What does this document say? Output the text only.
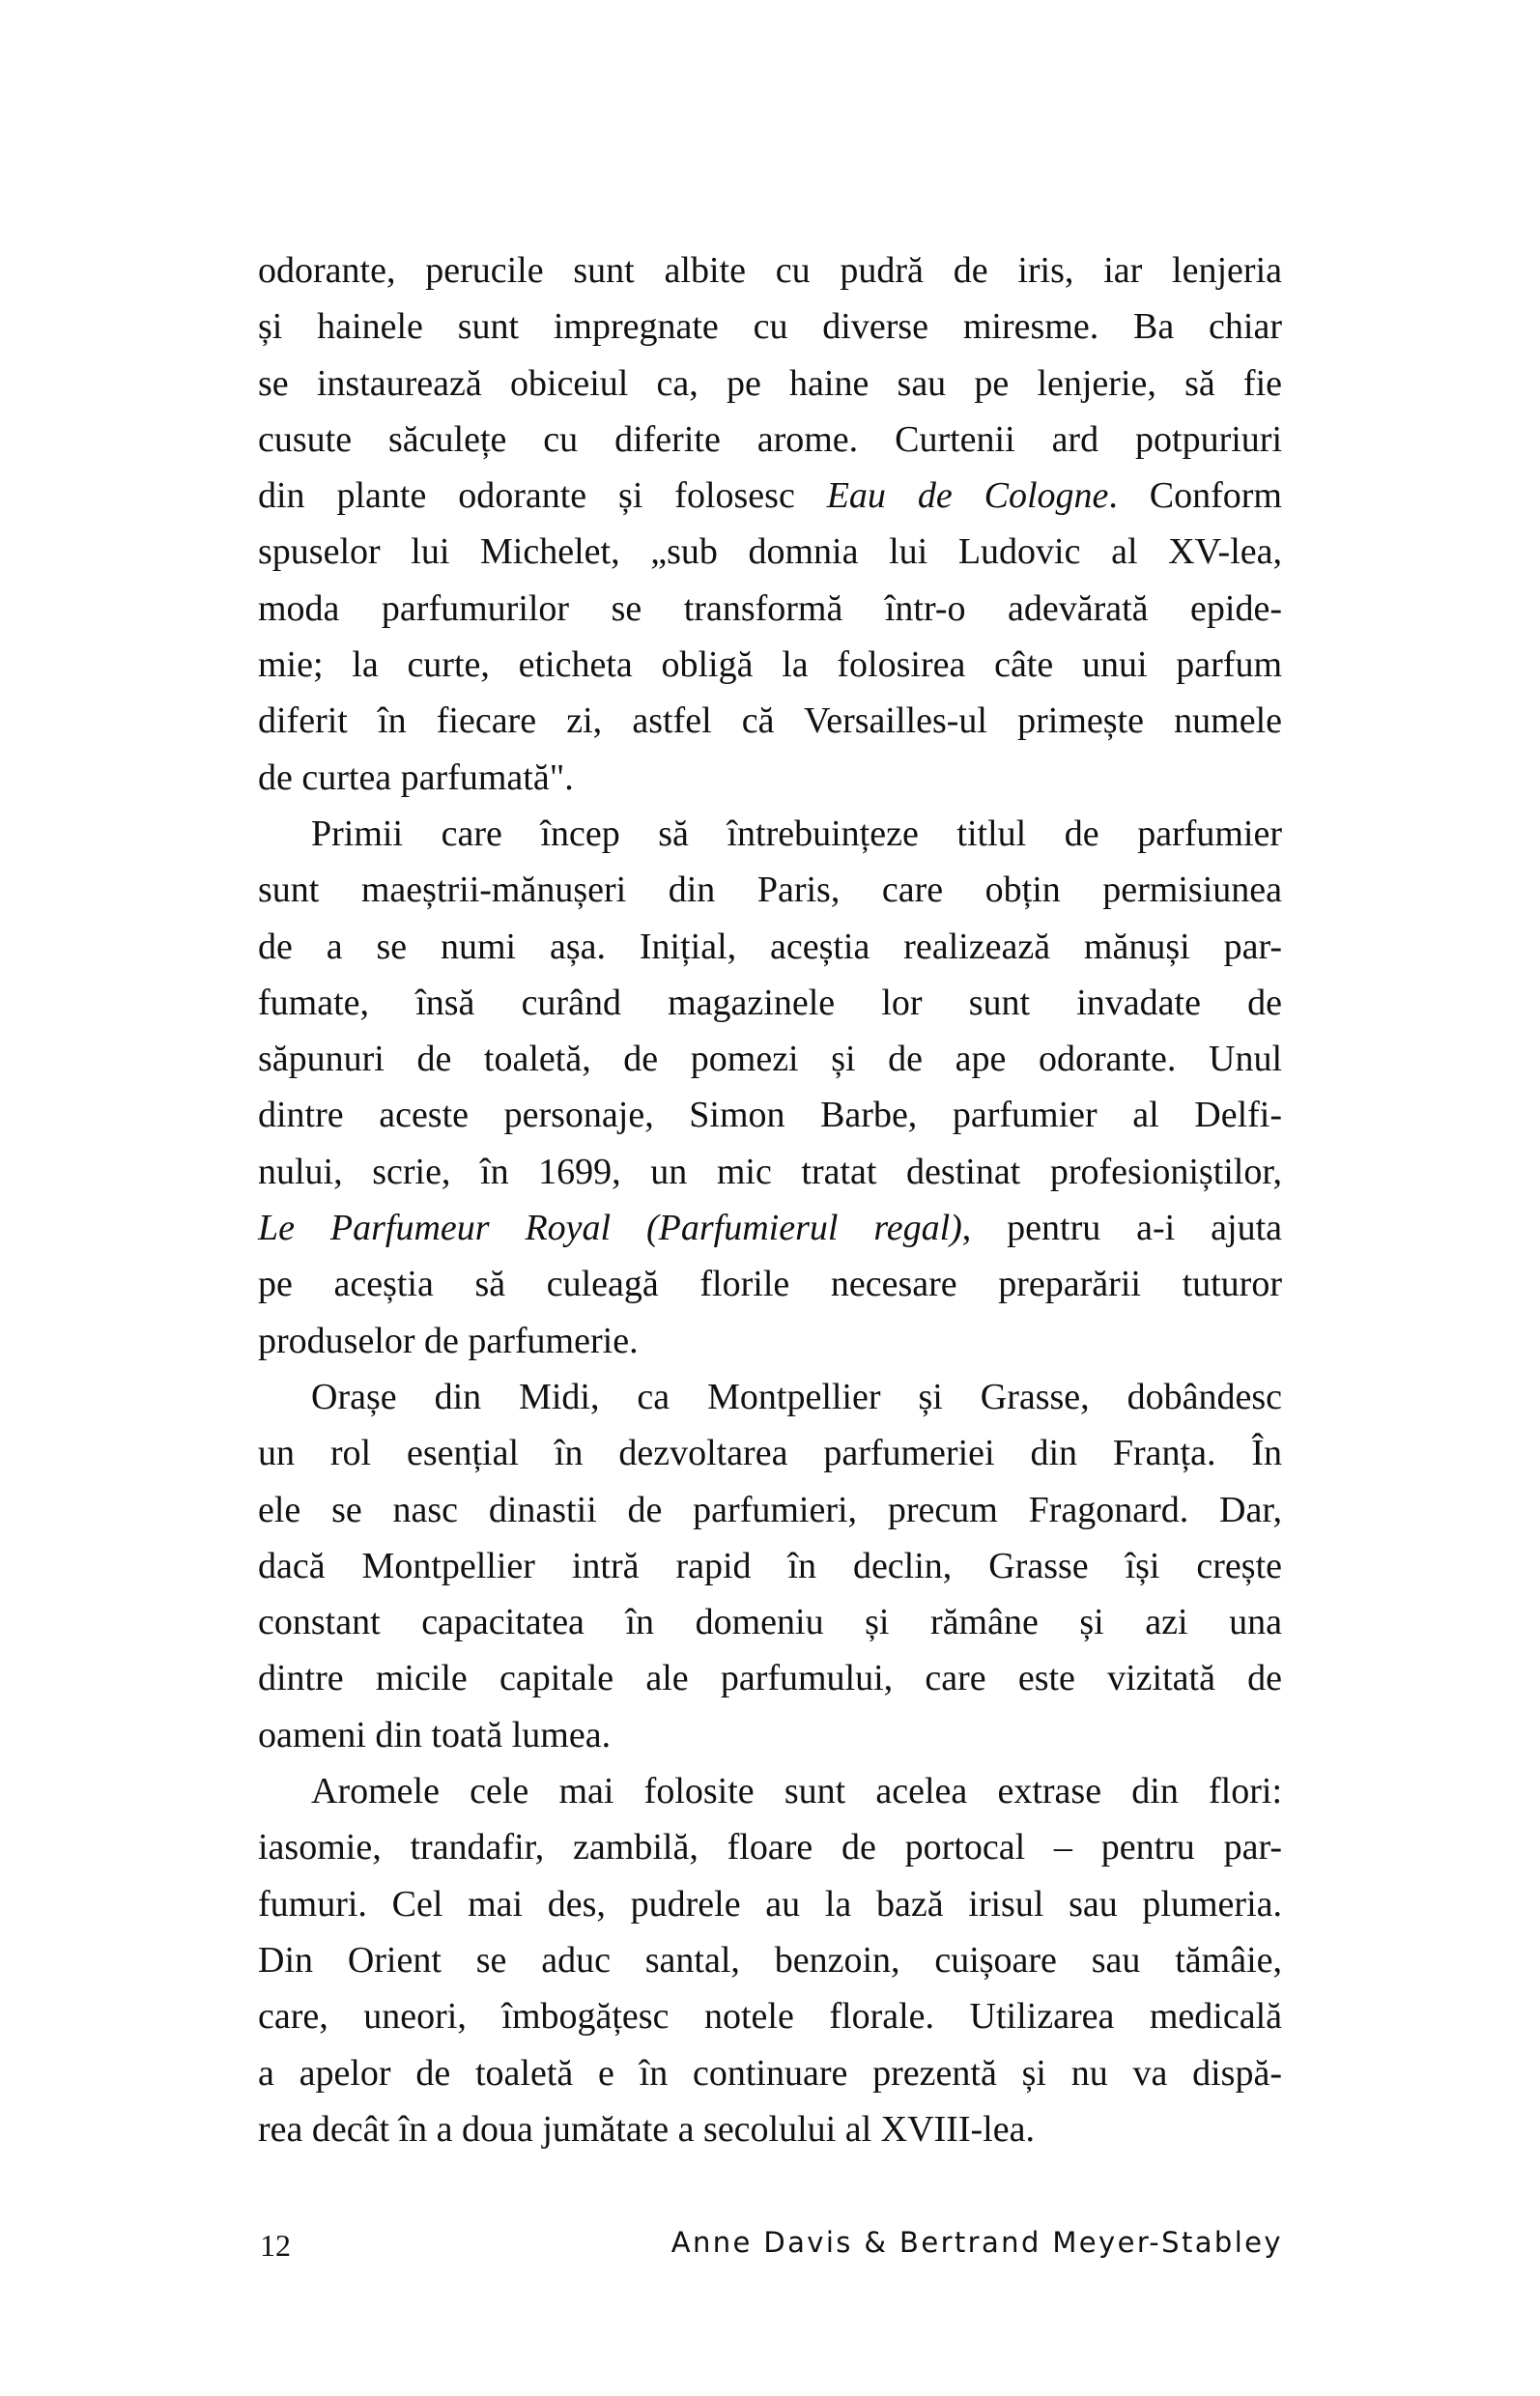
odorante, perucile sunt albite cu pudră de iris, iar lenjeria
și hainele sunt impregnate cu diverse miresme. Ba chiar
se instaurează obiceiul ca, pe haine sau pe lenjerie, să fie
cusute săculețe cu diferite arome. Curtenii ard potpuriuri
din plante odorante și folosesc Eau de Cologne. Conform
spuselor lui Michelet, „sub domnia lui Ludovic al XV-lea,
moda parfumurilor se transformă într-o adevărată epide-
mie; la curte, eticheta obligă la folosirea câte unui parfum
diferit în fiecare zi, astfel că Versailles-ul primește numele
de curtea parfumată".
Primii care încep să întrebuințeze titlul de parfumier
sunt maeștrii-mănușeri din Paris, care obțin permisiunea
de a se numi așa. Inițial, aceștia realizează mănuși par-
fumate, însă curând magazinele lor sunt invadate de
săpunuri de toaletă, de pomezi și de ape odorante. Unul
dintre aceste personaje, Simon Barbe, parfumier al Delfi-
nului, scrie, în 1699, un mic tratat destinat profesioniștilor,
Le Parfumeur Royal (Parfumierul regal), pentru a-i ajuta
pe aceștia să culeagă florile necesare preparării tuturor
produselor de parfumerie.
Orașe din Midi, ca Montpellier și Grasse, dobândesc
un rol esențial în dezvoltarea parfumeriei din Franța. În
ele se nasc dinastii de parfumieri, precum Fragonard. Dar,
dacă Montpellier intră rapid în declin, Grasse își crește
constant capacitatea în domeniu și rămâne și azi una
dintre micile capitale ale parfumului, care este vizitată de
oameni din toată lumea.
Aromele cele mai folosite sunt acelea extrase din flori:
iasomie, trandafir, zambilă, floare de portocal – pentru par-
fumuri. Cel mai des, pudrele au la bază irisul sau plumeria.
Din Orient se aduc santal, benzoin, cuișoare sau tămâie,
care, uneori, îmbogățesc notele florale. Utilizarea medicală
a apelor de toaletă e în continuare prezentă și nu va dispă-
rea decât în a doua jumătate a secolului al XVIII-lea.
12	Anne Davis & Bertrand Meyer-Stabley
